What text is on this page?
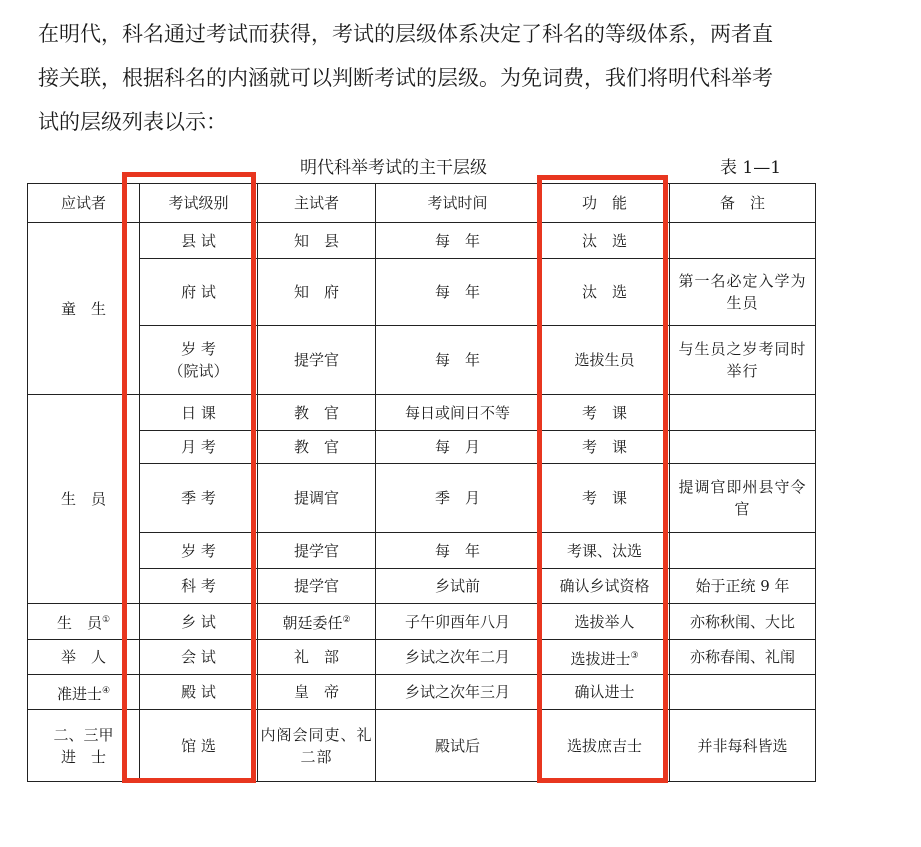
在明代，科名通过考试而获得，考试的层级体系决定了科名的等级体系，两者直
接关联，根据科名的内涵就可以判断考试的层级。为免词费，我们将明代科举考
试的层级列表以示：
明代科举考试的主干层级	表 1—1
应试者	考试级别	主试者	考试时间	功　能	备　注
童　生	县 试	知　县	每　年	汰　选	
	府 试	知　府	每　年	汰　选	第一名必定入学为生员

	岁 考
（院试）	提学官	每　年	选拔生员	与生员之岁考同时举行
生　员	日 课	教　官	每日或间日不等	考　课	
	月 考	教　官	每　月	考　课	
	季 考	提调官	季　月	考　课	提调官即州县守令官
	岁 考	提学官	每　年	考课、汰选	
	科 考	提学官	乡试前	确认乡试资格	始于正统 9 年
生　员①	乡 试	朝廷委任②	子午卯酉年八月	选拔举人	亦称秋闱、大比
举　人	会 试	礼　部	乡试之次年二月	选拔进士③	亦称春闱、礼闱
准进士④	殿 试	皇　帝	乡试之次年三月	确认进士	

二、三甲
进　士	馆 选	内阁会同吏、礼二部	殿试后	选拔庶吉士	并非每科皆选
